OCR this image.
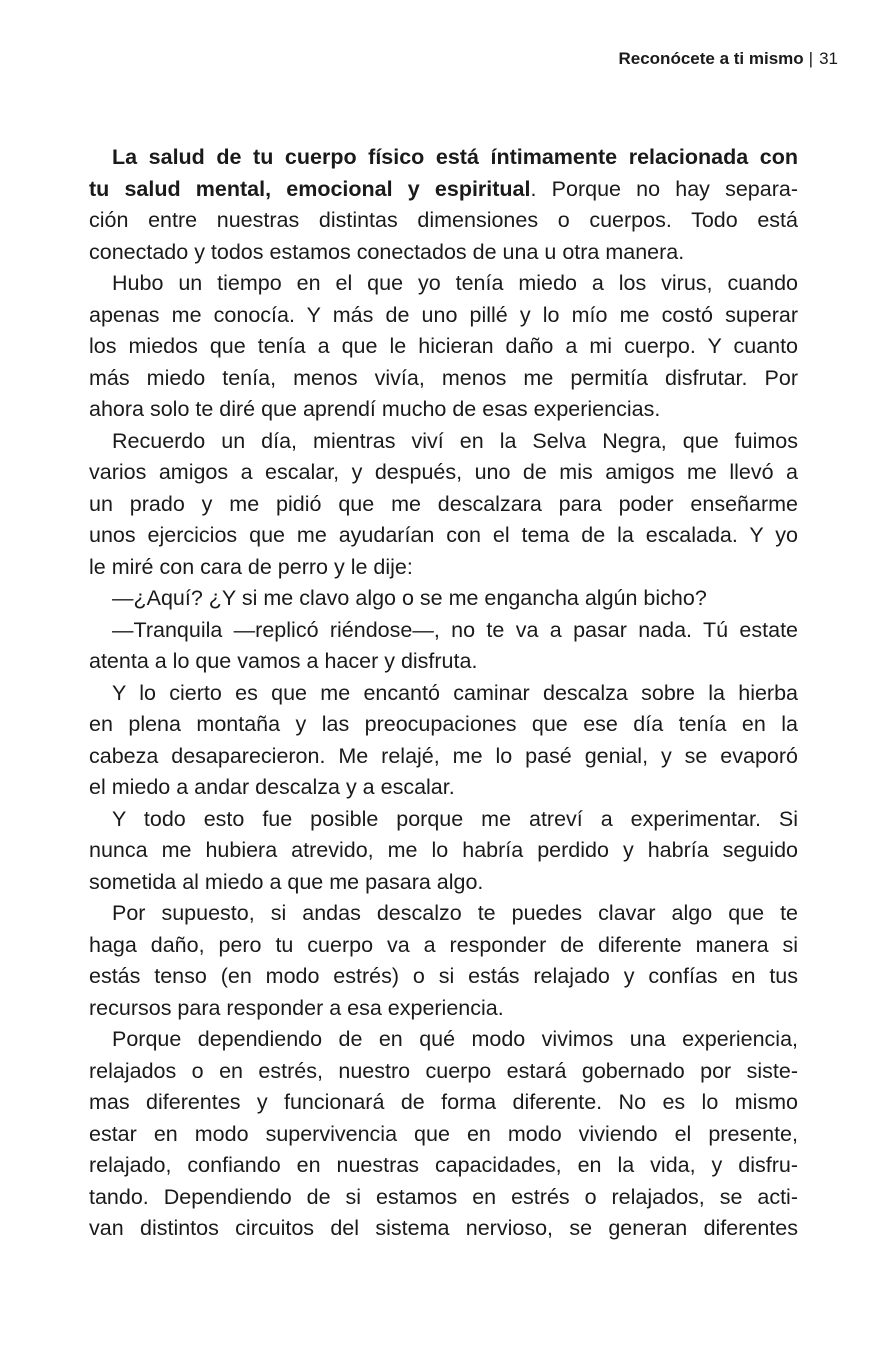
Reconócete a ti mismo | 31
La salud de tu cuerpo físico está íntimamente relacionada con
tu salud mental, emocional y espiritual. Porque no hay separa-
ción entre nuestras distintas dimensiones o cuerpos. Todo está
conectado y todos estamos conectados de una u otra manera.
Hubo un tiempo en el que yo tenía miedo a los virus, cuando
apenas me conocía. Y más de uno pillé y lo mío me costó superar
los miedos que tenía a que le hicieran daño a mi cuerpo. Y cuanto
más miedo tenía, menos vivía, menos me permitía disfrutar. Por
ahora solo te diré que aprendí mucho de esas experiencias.
Recuerdo un día, mientras viví en la Selva Negra, que fuimos
varios amigos a escalar, y después, uno de mis amigos me llevó a
un prado y me pidió que me descalzara para poder enseñarme
unos ejercicios que me ayudarían con el tema de la escalada. Y yo
le miré con cara de perro y le dije:
—¿Aquí? ¿Y si me clavo algo o se me engancha algún bicho?
—Tranquila —replicó riéndose—, no te va a pasar nada. Tú estate
atenta a lo que vamos a hacer y disfruta.
Y lo cierto es que me encantó caminar descalza sobre la hierba
en plena montaña y las preocupaciones que ese día tenía en la
cabeza desaparecieron. Me relajé, me lo pasé genial, y se evaporó
el miedo a andar descalza y a escalar.
Y todo esto fue posible porque me atreví a experimentar. Si
nunca me hubiera atrevido, me lo habría perdido y habría seguido
sometida al miedo a que me pasara algo.
Por supuesto, si andas descalzo te puedes clavar algo que te
haga daño, pero tu cuerpo va a responder de diferente manera si
estás tenso (en modo estrés) o si estás relajado y confías en tus
recursos para responder a esa experiencia.
Porque dependiendo de en qué modo vivimos una experiencia,
relajados o en estrés, nuestro cuerpo estará gobernado por siste-
mas diferentes y funcionará de forma diferente. No es lo mismo
estar en modo supervivencia que en modo viviendo el presente,
relajado, confiando en nuestras capacidades, en la vida, y disfru-
tando. Dependiendo de si estamos en estrés o relajados, se acti-
van distintos circuitos del sistema nervioso, se generan diferentes
